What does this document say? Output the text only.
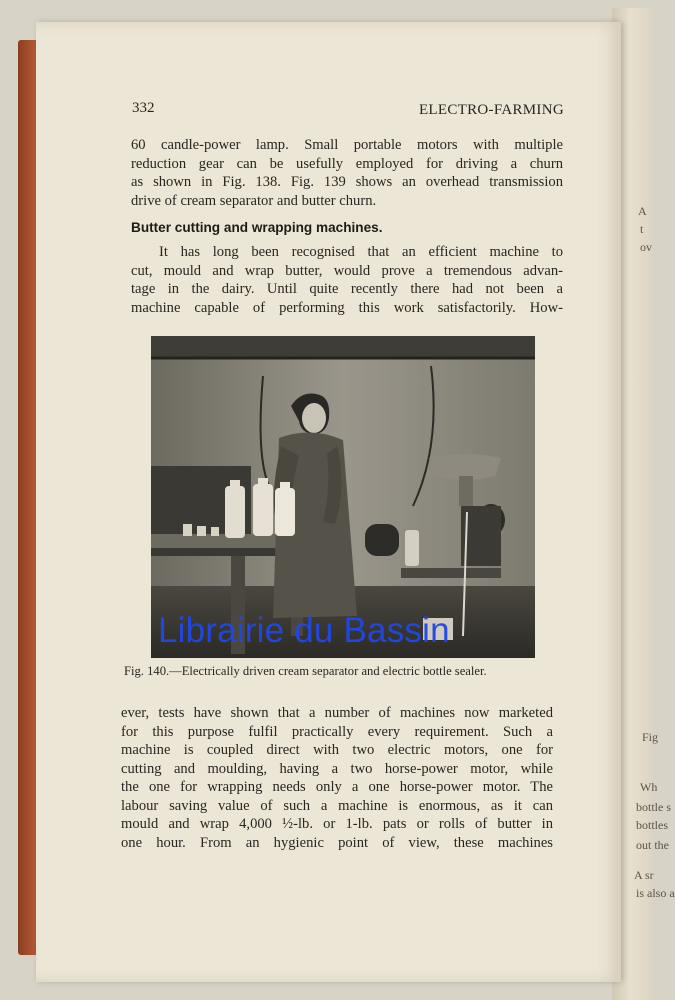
A
t
ov
Fig
Wh
bottle s
bottles
out the
A sr
is also a
332	ELECTRO-FARMING
60 candle-power lamp. Small portable motors with multiple
reduction gear can be usefully employed for driving a churn
as shown in Fig. 138. Fig. 139 shows an overhead transmission
drive of cream separator and butter churn.
Butter cutting and wrapping machines.
It has long been recognised that an efficient machine to
cut, mould and wrap butter, would prove a tremendous advan-
tage in the dairy. Until quite recently there had not been a
machine capable of performing this work satisfactorily. How-
Librairie du Bassin
Fig. 140.—Electrically driven cream separator and electric bottle sealer.
ever, tests have shown that a number of machines now marketed
for this purpose fulfil practically every requirement. Such a
machine is coupled direct with two electric motors, one for
cutting and moulding, having a two horse-power motor, while
the one for wrapping needs only a one horse-power motor. The
labour saving value of such a machine is enormous, as it can
mould and wrap 4,000 ½-lb. or 1-lb. pats or rolls of butter in
one hour. From an hygienic point of view, these machines
